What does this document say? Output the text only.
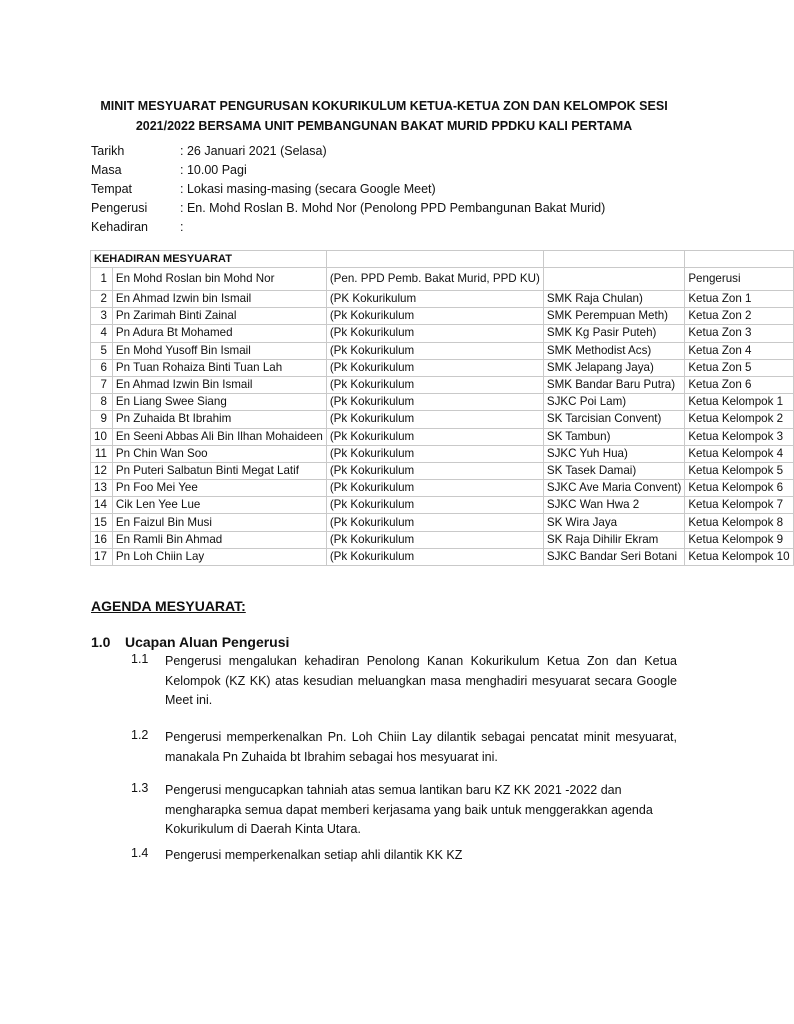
MINIT MESYUARAT PENGURUSAN KOKURIKULUM KETUA-KETUA ZON DAN KELOMPOK SESI
2021/2022 BERSAMA UNIT PEMBANGUNAN BAKAT MURID PPDKU KALI PERTAMA
Tarikh	: 26 Januari 2021 (Selasa)
Masa	: 10.00 Pagi
Tempat	: Lokasi masing-masing (secara Google Meet)
Pengerusi	: En. Mohd Roslan B. Mohd Nor (Penolong PPD Pembangunan Bakat Murid)
Kehadiran	:
KEHADIRAN MESYUARAT				
1	En Mohd Roslan bin Mohd Nor	(Pen. PPD Pemb. Bakat Murid, PPD KU)		Pengerusi
2	En Ahmad Izwin bin Ismail	(PK Kokurikulum	SMK Raja Chulan)	Ketua Zon 1
3	Pn Zarimah Binti Zainal	(Pk Kokurikulum	SMK Perempuan Meth)	Ketua Zon 2
4	Pn Adura Bt Mohamed	(Pk Kokurikulum	SMK Kg Pasir Puteh)	Ketua Zon 3
5	En Mohd Yusoff Bin Ismail	(Pk Kokurikulum	SMK Methodist Acs)	Ketua Zon 4
6	Pn Tuan Rohaiza Binti Tuan Lah	(Pk Kokurikulum	SMK Jelapang Jaya)	Ketua Zon 5
7	En Ahmad Izwin Bin Ismail	(Pk Kokurikulum	SMK Bandar Baru Putra)	Ketua Zon 6
8	En Liang Swee Siang	(Pk Kokurikulum	SJKC Poi Lam)	Ketua Kelompok 1
9	Pn Zuhaida Bt Ibrahim	(Pk Kokurikulum	SK Tarcisian Convent)	Ketua Kelompok 2
10	En Seeni Abbas Ali Bin Ilhan Mohaideen	(Pk Kokurikulum	SK Tambun)	Ketua Kelompok 3
11	Pn Chin Wan Soo	(Pk Kokurikulum	SJKC Yuh Hua)	Ketua Kelompok 4
12	Pn Puteri Salbatun Binti Megat Latif	(Pk Kokurikulum	SK Tasek Damai)	Ketua Kelompok 5
13	Pn Foo Mei Yee	(Pk Kokurikulum	SJKC Ave Maria Convent)	Ketua Kelompok 6
14	Cik Len Yee Lue	(Pk Kokurikulum	SJKC Wan Hwa 2	Ketua Kelompok 7
15	En Faizul Bin Musi	(Pk Kokurikulum	SK Wira Jaya	Ketua Kelompok 8
16	En Ramli Bin Ahmad	(Pk Kokurikulum	SK Raja Dihilir Ekram	Ketua Kelompok 9
17	Pn Loh Chiin Lay	(Pk Kokurikulum	SJKC Bandar Seri Botani	Ketua Kelompok 10
AGENDA MESYUARAT:
1.0 Ucapan Aluan Pengerusi
1.1 Pengerusi mengalukan kehadiran Penolong Kanan Kokurikulum Ketua Zon dan Ketua Kelompok (KZ KK) atas kesudian meluangkan masa menghadiri mesyuarat secara Google Meet ini.
1.2 Pengerusi memperkenalkan Pn. Loh Chiin Lay dilantik sebagai pencatat minit mesyuarat, manakala Pn Zuhaida bt Ibrahim sebagai hos mesyuarat ini.
1.3 Pengerusi mengucapkan tahniah atas semua lantikan baru KZ KK 2021 -2022 dan mengharapka semua dapat memberi kerjasama yang baik untuk menggerakkan agenda Kokurikulum di Daerah Kinta Utara.
1.4 Pengerusi memperkenalkan setiap ahli dilantik KK KZ
